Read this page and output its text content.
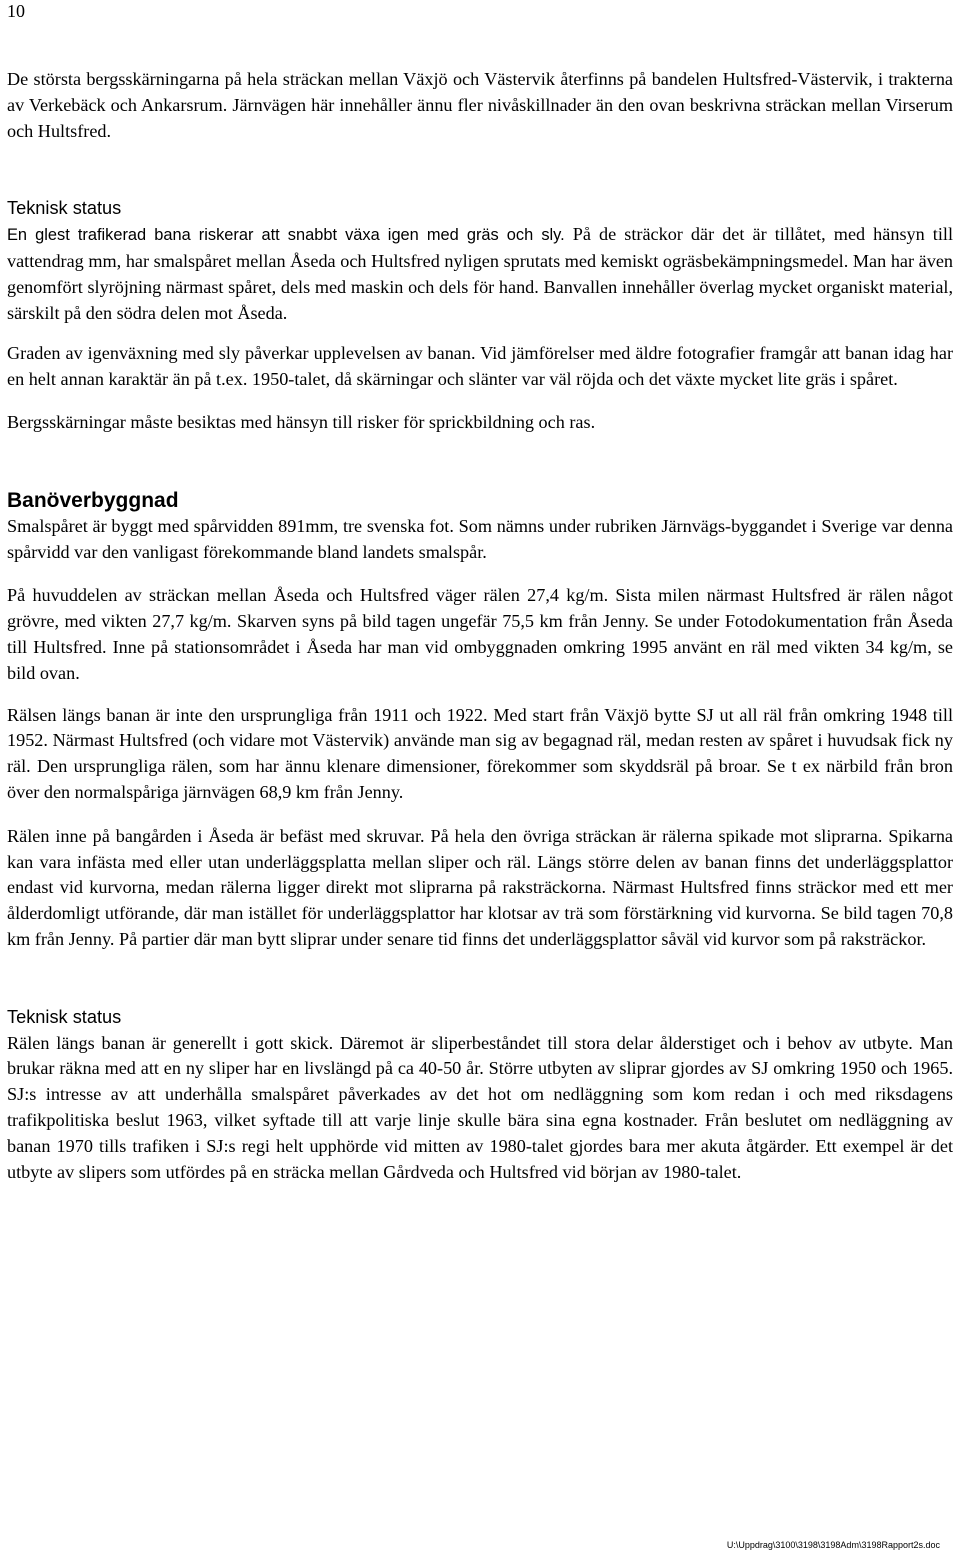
10

De största bergsskärningarna på hela sträckan mellan Växjö och Västervik återfinns på bandelen Hultsfred-Västervik, i trakterna av Verkebäck och Ankarsrum. Järnvägen här innehåller ännu fler nivåskillnader än den ovan beskrivna sträckan mellan Virserum och Hultsfred.

Teknisk status

En glest trafikerad bana riskerar att snabbt växa igen med gräs och sly. På de sträckor där det är tillåtet, med hänsyn till vattendrag mm, har smalspåret mellan Åseda och Hultsfred nyligen sprutats med kemiskt ogräsbekämpningsmedel. Man har även genomfört slyröjning närmast spåret, dels med maskin och dels för hand. Banvallen innehåller överlag mycket organiskt material, särskilt på den södra delen mot Åseda.

Graden av igenväxning med sly påverkar upplevelsen av banan. Vid jämförelser med äldre fotografier framgår att banan idag har en helt annan karaktär än på t.ex. 1950-talet, då skärningar och slänter var väl röjda och det växte mycket lite gräs i spåret.

Bergsskärningar måste besiktas med hänsyn till risker för sprickbildning och ras.

Banöverbyggnad

Smalspåret är byggt med spårvidden 891mm, tre svenska fot. Som nämns under rubriken Järnvägs-byggandet i Sverige var denna spårvidd var den vanligast förekommande bland landets smalspår.

På huvuddelen av sträckan mellan Åseda och Hultsfred väger rälen 27,4 kg/m. Sista milen närmast Hultsfred är rälen något grövre, med vikten 27,7 kg/m. Skarven syns på bild tagen ungefär 75,5 km från Jenny. Se under Fotodokumentation från Åseda till Hultsfred. Inne på stationsområdet i Åseda har man vid ombyggnaden omkring 1995 använt en räl med vikten 34 kg/m, se bild ovan.

Rälsen längs banan är inte den ursprungliga från 1911 och 1922. Med start från Växjö bytte SJ ut all räl från omkring 1948 till 1952. Närmast Hultsfred (och vidare mot Västervik) använde man sig av begagnad räl, medan resten av spåret i huvudsak fick ny räl. Den ursprungliga rälen, som har ännu klenare dimensioner, förekommer som skyddsräl på broar. Se t ex närbild från bron över den normalspåriga järnvägen 68,9 km från Jenny.

Rälen inne på bangården i Åseda är befäst med skruvar. På hela den övriga sträckan är rälerna spikade mot sliprarna. Spikarna kan vara infästa med eller utan underläggsplatta mellan sliper och räl. Längs större delen av banan finns det underläggsplattor endast vid kurvorna, medan rälerna ligger direkt mot sliprarna på raksträckorna. Närmast Hultsfred finns sträckor med ett mer ålderdomligt utförande, där man istället för underläggsplattor har klotsar av trä som förstärkning vid kurvorna. Se bild tagen 70,8 km från Jenny. På partier där man bytt sliprar under senare tid finns det underläggsplattor såväl vid kurvor som på raksträckor.

Teknisk status

Rälen längs banan är generellt i gott skick. Däremot är sliperbeståndet till stora delar ålderstiget och i behov av utbyte. Man brukar räkna med att en ny sliper har en livslängd på ca 40-50 år. Större utbyten av sliprar gjordes av SJ omkring 1950 och 1965. SJ:s intresse av att underhålla smalspåret påverkades av det hot om nedläggning som kom redan i och med riksdagens trafikpolitiska beslut 1963, vilket syftade till att varje linje skulle bära sina egna kostnader. Från beslutet om nedläggning av banan 1970 tills trafiken i SJ:s regi helt upphörde vid mitten av 1980-talet gjordes bara mer akuta åtgärder. Ett exempel är det utbyte av slipers som utfördes på en sträcka mellan Gårdveda och Hultsfred vid början av 1980-talet.

U:\Uppdrag\3100\3198\3198Adm\3198Rapport2s.doc
